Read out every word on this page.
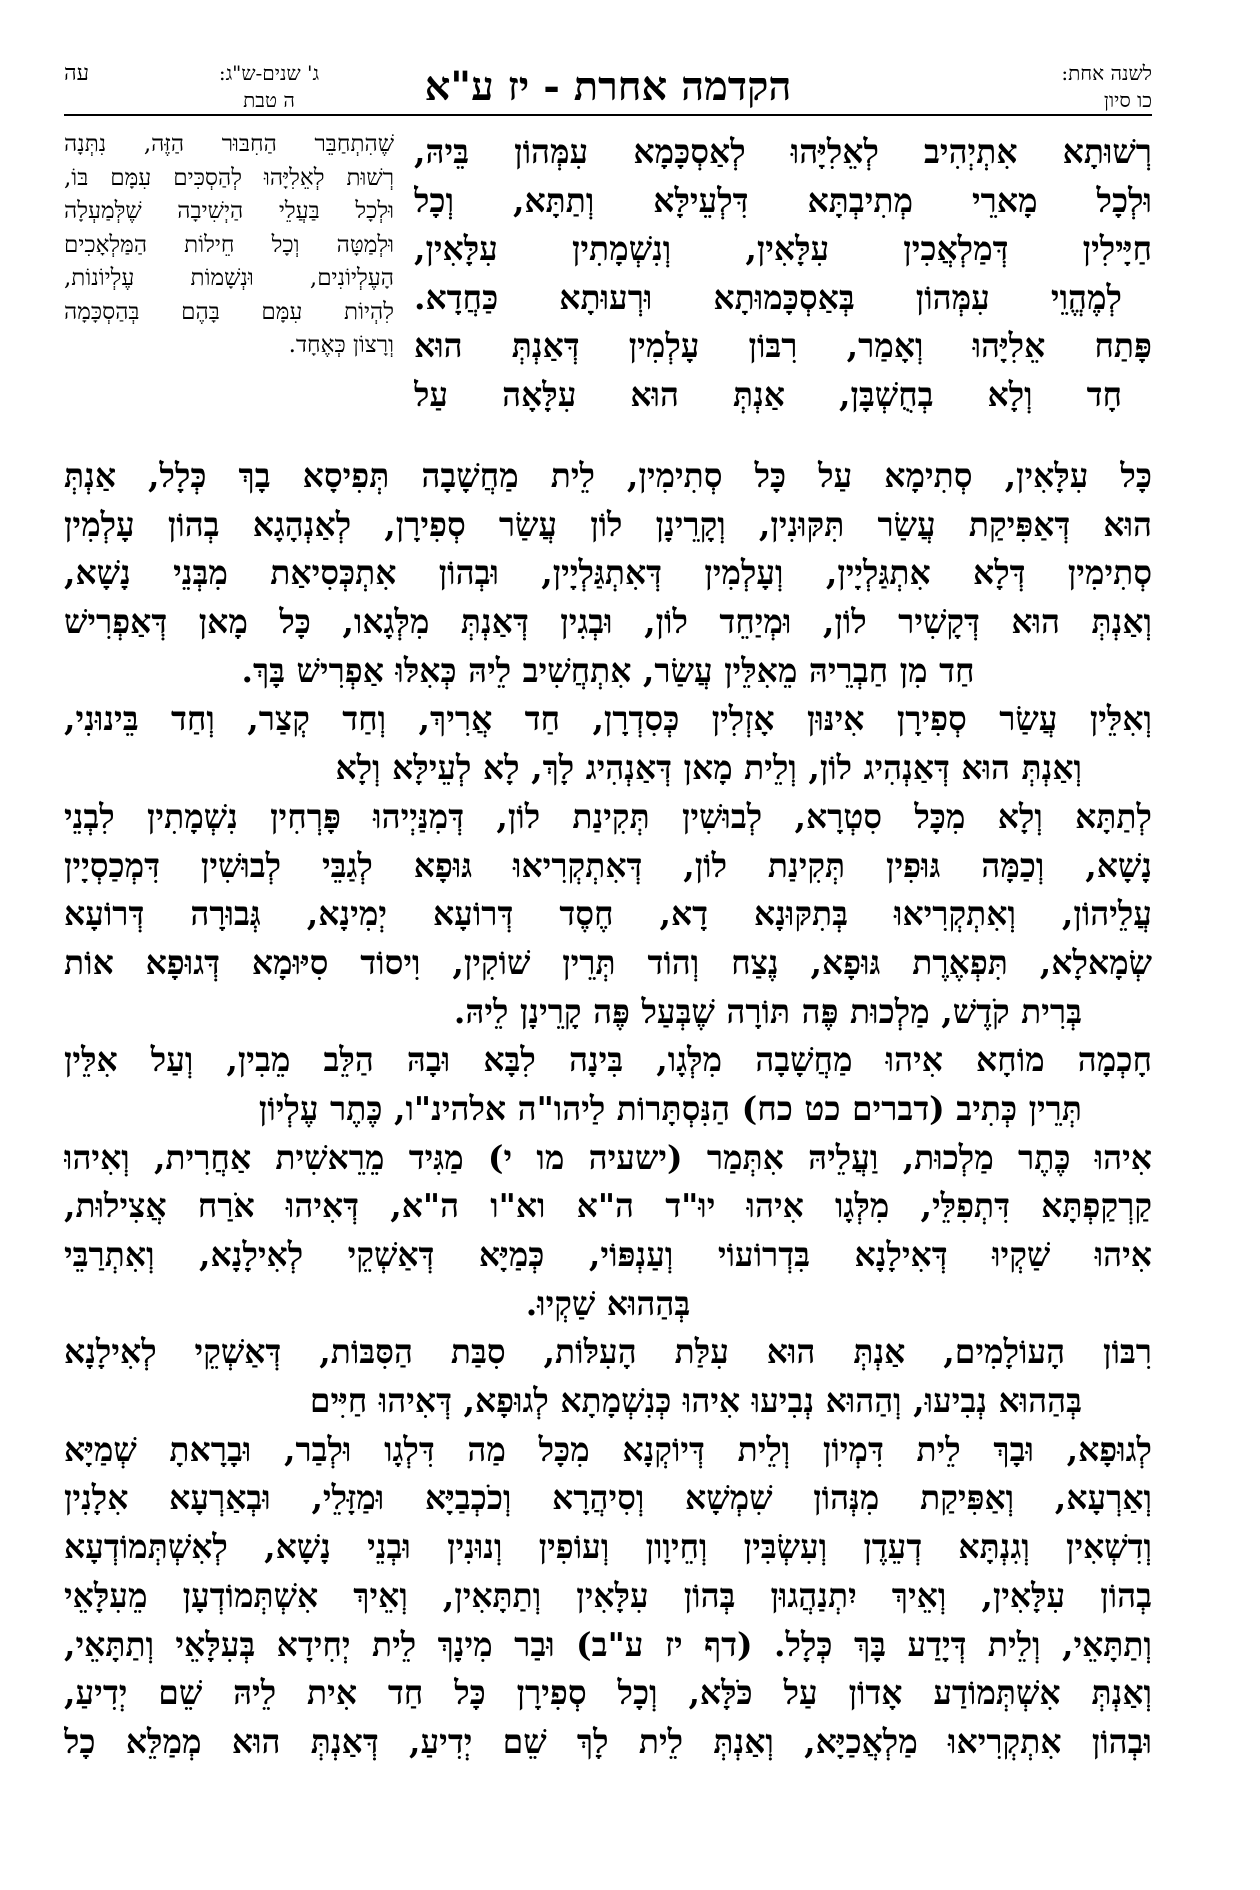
לשנה אחת:
כו סיון
הקדמה אחרת - יז ע"א
ג' שנים-ש"ג:
ה טבת
עה
רְשׁוּתָא אִתְיְהִיב לְאֵלִיָּהוּ לְאַסְכָּמָא עִמְּהוֹן בֵּיהּ,
וּלְכָל מָארֵי מְתִיבְתָּא דִּלְעֵילָּא וְתַתָּא, וְכָל
חַיָּילִין דְּמַלְאֲכִין עִלָּאִין, וְנִשְׁמָתִין עִלָּאִין,
לְמֶהֱוֵי עִמְּהוֹן בְּאַסְכָּמוּתָא וּרְעוּתָא כַּחֲדָא.
פָּתַח אֵלִיָּהוּ וְאָמַר, רִבּוֹן עָלְמִין דְּאַנְתְּ הוּא
חָד וְלָא בְחֻשְׁבָּן, אַנְתְּ הוּא עִלָּאָה עַל
שֶׁהִתְחַבֵּר הַחִבּוּר הַזֶּה, נִתְּנָה
רְשׁוּת לְאֵלִיָּהוּ לְהַסְכִּים עִמָּם בּוֹ,
וּלְכָל בַּעֲלֵי הַיְשִׁיבָה שֶׁלְּמַעְלָה
וּלְמַטָּה וְכָל חֵילוֹת הַמַּלְאָכִים
הָעֶלְיוֹנִים, וּנְשָׁמוֹת עֶלְיוֹנוֹת,
לִהְיוֹת עִמָּם בָּהֶם בְּהַסְכָּמָה
וְרָצוֹן כְּאֶחָד.
כָּל עִלָּאִין, סְתִימָא עַל כָּל סְתִימִין, לֵית מַחֲשָׁבָה תְּפִיסָא בָךְ כְּלָל, אַנְתְּ
הוּא דְּאַפִּיקַת עֲשַׂר תִּקּוּנִין, וְקָרֵינָן לוֹן עֲשַׂר סְפִירָן, לְאַנְהָגָא בְהוֹן עָלְמִין
סְתִימִין דְּלָא אִתְגַּלְיָין, וְעָלְמִין דְּאִתְגַּלְיָין, וּבְהוֹן אִתְכְּסִיאַת מִבְּנֵי נָשָׁא,
וְאַנְתְּ הוּא דְּקָשִׁיר לוֹן, וּמְיַחֵד לוֹן, וּבְגִין דְּאַנְתְּ מִלְּגָאו, כָּל מָאן דְּאַפְרִישׁ
חַד מִן חַבְרֵיהּ מֵאִלֵּין עֲשַׂר, אִתְחֲשִׁיב לֵיהּ כְּאִלּוּ אַפְרִישׁ בָּךְ.
וְאִלֵּין עֲשַׂר סְפִירָן אִינּוּן אָזְלִין כְּסִדְרָן, חַד אֲרִיךְ, וְחַד קְצַר, וְחַד בֵּינוּנִי,
וְאַנְתְּ הוּא דְּאַנְהִיג לוֹן, וְלֵית מָאן דְּאַנְהִיג לָךְ, לָא לְעֵילָּא וְלָא
לְתַתָּא וְלָא מִכָּל סִטְרָא, לְבוּשִׁין תְּקִינַת לוֹן, דְּמִנַּיְיהוּ פָּרְחִין נִשְׁמָתִין לִבְנֵי
נָשָׁא, וְכַמָּה גּוּפִין תְּקִינַת לוֹן, דְּאִתְקְרִיאוּ גּוּפָא לְגַבֵּי לְבוּשִׁין דִּמְכַסְיָין
עֲלֵיהוֹן, וְאִתְקְרִיאוּ בְּתִקּוּנָא דָא, חֶסֶד דְּרוֹעָא יְמִינָא, גְּבוּרָה דְּרוֹעָא
שְׂמָאלָא, תִּפְאֶרֶת גּוּפָא, נֶצַח וְהוֹד תְּרֵין שׁוֹקִין, וִיסוֹד סִיּוּמָא דְּגוּפָא אוֹת
בְּרִית קֹדֶשׁ, מַלְכוּת פֶּה תּוֹרָה שֶׁבְּעַל פֶּה קָרֵינָן לֵיהּ.
חָכְמָה מוֹחָא אִיהוּ מַחֲשָׁבָה מִלְּגָו, בִּינָה לִבָּא וּבָהּ הַלֵּב מֵבִין, וְעַל אִלֵּין
תְּרֵין כְּתִיב (דברים כט כח) הַנִּסְתָּרוֹת לַיהו"ה אלהינ"ו, כֶּתֶר עֶלְיוֹן
אִיהוּ כֶּתֶר מַלְכוּת, וַעֲלֵיהּ אִתְּמַר (ישעיה מו י) מַגִּיד מֵרֵאשִׁית אַחֲרִית, וְאִיהוּ
קַרְקַפְתָּא דִּתְפִלֵּי, מִלְּגָו אִיהוּ יוּ"ד ה"א וא"ו ה"א, דְּאִיהוּ אֹרַח אֲצִילוּת,
אִיהוּ שַׁקְיוּ דְּאִילָנָא בִּדְרוֹעוֹי וְעַנְפּוֹי, כְּמַיָּא דְּאַשְׁקֵי לְאִילָנָא, וְאִתְרַבֵּי
בְּהַהוּא שַׁקְיוּ.
רִבּוֹן הָעוֹלָמִים, אַנְתְּ הוּא עִלַּת הָעִלּוֹת, סִבַּת הַסִּבּוֹת, דְּאַשְׁקֵי לְאִילָנָא
בְּהַהוּא נְבִיעוּ, וְהַהוּא נְבִיעוּ אִיהוּ כְּנִשְׁמָתָא לְגוּפָא, דְּאִיהוּ חַיִּים
לְגוּפָא, וּבָךְ לֵית דִּמְיוֹן וְלֵית דְּיוֹקְנָא מִכָּל מַה דִּלְגָו וּלְבַר, וּבָרָאתָ שְׁמַיָּא
וְאַרְעָא, וְאַפִּיקַת מִנְּהוֹן שִׁמְשָׁא וְסִיהֲרָא וְכֹכְבַיָּא וּמַזָּלֵי, וּבְאַרְעָא אִלָנִין
וְדִשְׁאִין וְגִנְתָּא דְעֵדֶן וְעִשְׂבִּין וְחֵיוָון וְעוֹפִין וְנוּנִין וּבְנֵי נָשָׁא, לְאִשְׁתְּמוֹדְעָא
בְהוֹן עִלָּאִין, וְאֵיךְ יִתְנַהֲגוּן בְּהוֹן עִלָּאִין וְתַתָּאִין, וְאֵיךְ אִשְׁתְּמוֹדְעָן מֵעִלָּאֵי
וְתַתָּאֵי, וְלֵית דְּיָדַע בָּךְ כְּלָל. (דף יז ע"ב) וּבַר מִינָךְ לֵית יְחִידָא בְּעִלָּאֵי וְתַתָּאֵי,
וְאַנְתְּ אִשְׁתְּמוֹדַע אָדוֹן עַל כֹּלָּא, וְכָל סְפִירָן כָּל חַד אִית לֵיהּ שֵׁם יְדִיעַ,
וּבְהוֹן אִתְקְרִיאוּ מַלְאֲכַיָּא, וְאַנְתְּ לֵית לָךְ שֵׁם יְדִיעַ, דְּאַנְתְּ הוּא מְמַלֵּא כָל
